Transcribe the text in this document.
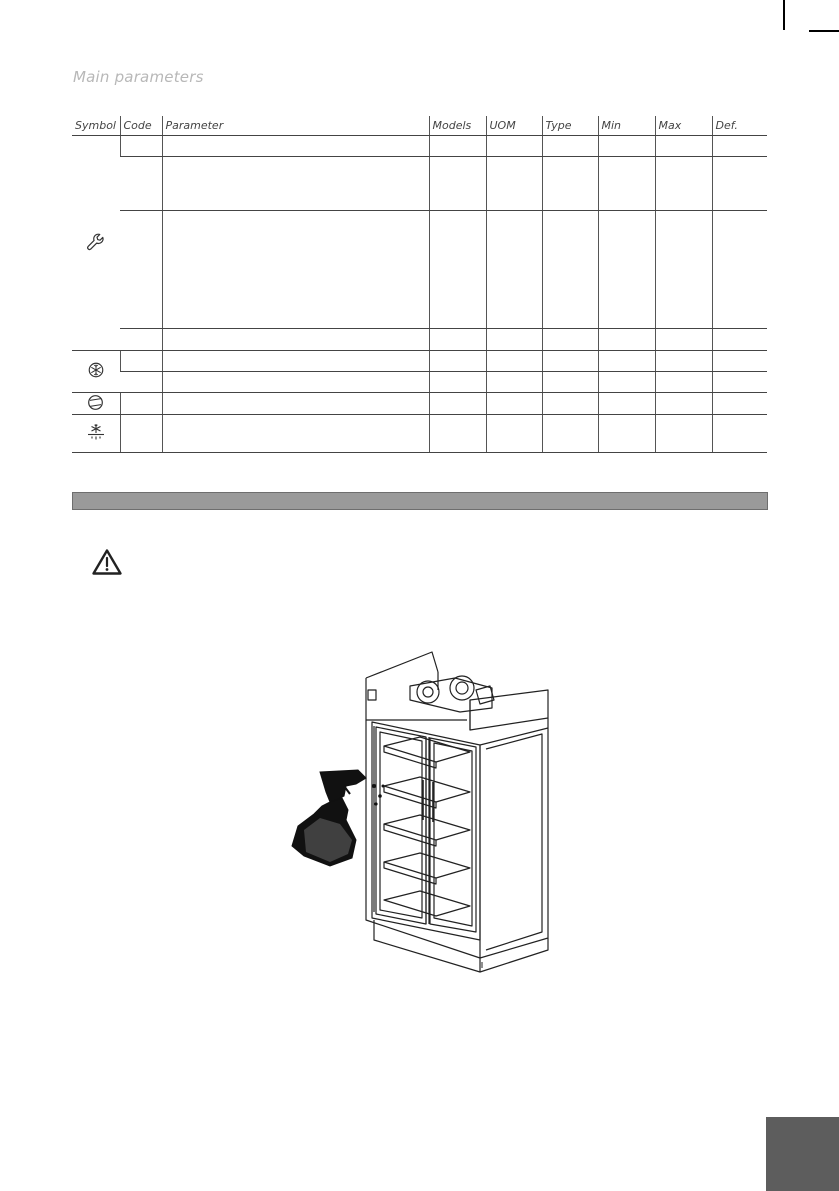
Main parameters
Symbol	Code	Parameter	Models	UOM	Type	Min	Max	Def.
